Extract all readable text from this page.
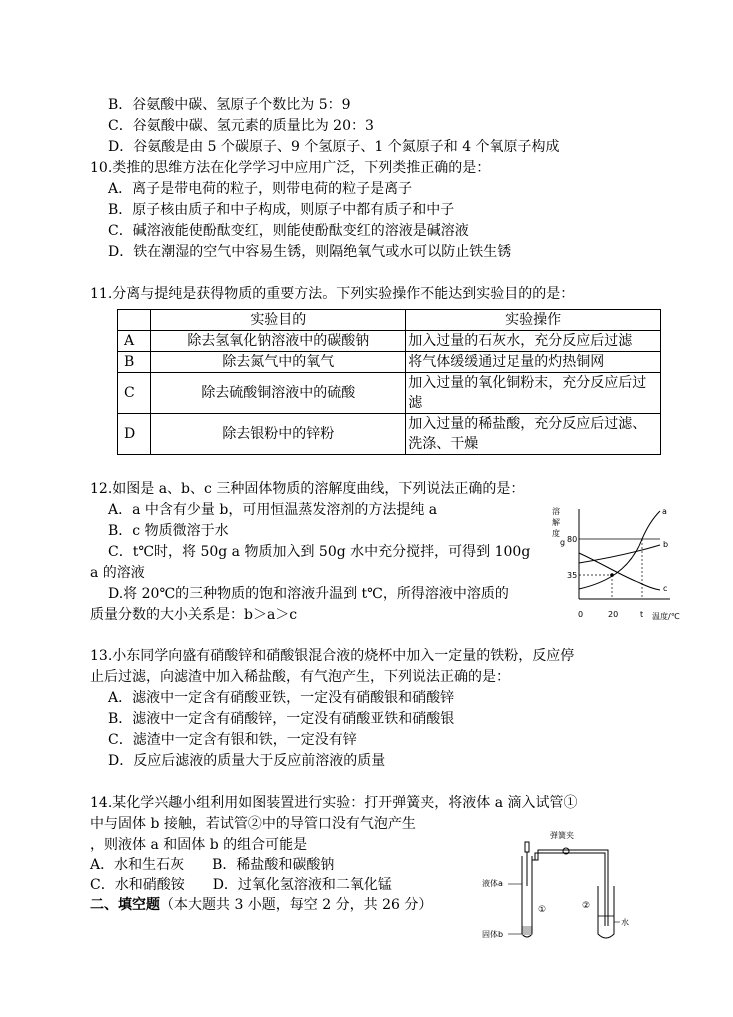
B．谷氨酸中碳、氢原子个数比为 5：9
C．谷氨酸中碳、氢元素的质量比为 20：3
D．谷氨酸是由 5 个碳原子、9 个氢原子、1 个氮原子和 4 个氧原子构成
10.类推的思维方法在化学学习中应用广泛，下列类推正确的是：
A．离子是带电荷的粒子，则带电荷的粒子是离子
B．原子核由质子和中子构成，则原子中都有质子和中子
C．碱溶液能使酚酞变红，则能使酚酞变红的溶液是碱溶液
D．铁在潮湿的空气中容易生锈，则隔绝氧气或水可以防止铁生锈
11.分离与提纯是获得物质的重要方法。下列实验操作不能达到实验目的的是：
	实验目的	实验操作
A	除去氢氧化钠溶液中的碳酸钠	加入过量的石灰水，充分反应后过滤
B	除去氮气中的氧气	将气体缓缓通过足量的灼热铜网
C	除去硫酸铜溶液中的硫酸	加入过量的氧化铜粉末，充分反应后过滤
D	除去银粉中的锌粉	加入过量的稀盐酸，充分反应后过滤、
洗涤、干燥
12.如图是 a、b、c 三种固体物质的溶解度曲线，下列说法正确的是：
A．a 中含有少量 b，可用恒温蒸发溶剂的方法提纯 a
B．c 物质微溶于水
C．t℃时，将 50g a 物质加入到 50g 水中充分搅拌，可得到 100g
a 的溶液
D.将 20℃的三种物质的饱和溶液升温到 t℃，所得溶液中溶质的
质量分数的大小关系是：b＞a＞c
溶
解
度
g 80
35
0	20	t 温度/℃
a
b
c
13.小东同学向盛有硝酸锌和硝酸银混合液的烧杯中加入一定量的铁粉，反应停
止后过滤，向滤渣中加入稀盐酸，有气泡产生，下列说法正确的是：
A．滤液中一定含有硝酸亚铁，一定没有硝酸银和硝酸锌
B．滤液中一定含有硝酸锌，一定没有硝酸亚铁和硝酸银
C．滤渣中一定含有银和铁，一定没有锌
D．反应后滤液的质量大于反应前溶液的质量
14.某化学兴趣小组利用如图装置进行实验：打开弹簧夹，将液体 a 滴入试管①
中与固体 b 接触，若试管②中的导管口没有气泡产生
，则液体 a 和固体 b 的组合可能是
A．水和生石灰　　B．稀盐酸和碳酸钠
C．水和硝酸铵　　D．过氧化氢溶液和二氧化锰
二、填空题（本大题共 3 小题，每空 2 分，共 26 分）
弹簧夹
水
液体a
固体b
①	②
